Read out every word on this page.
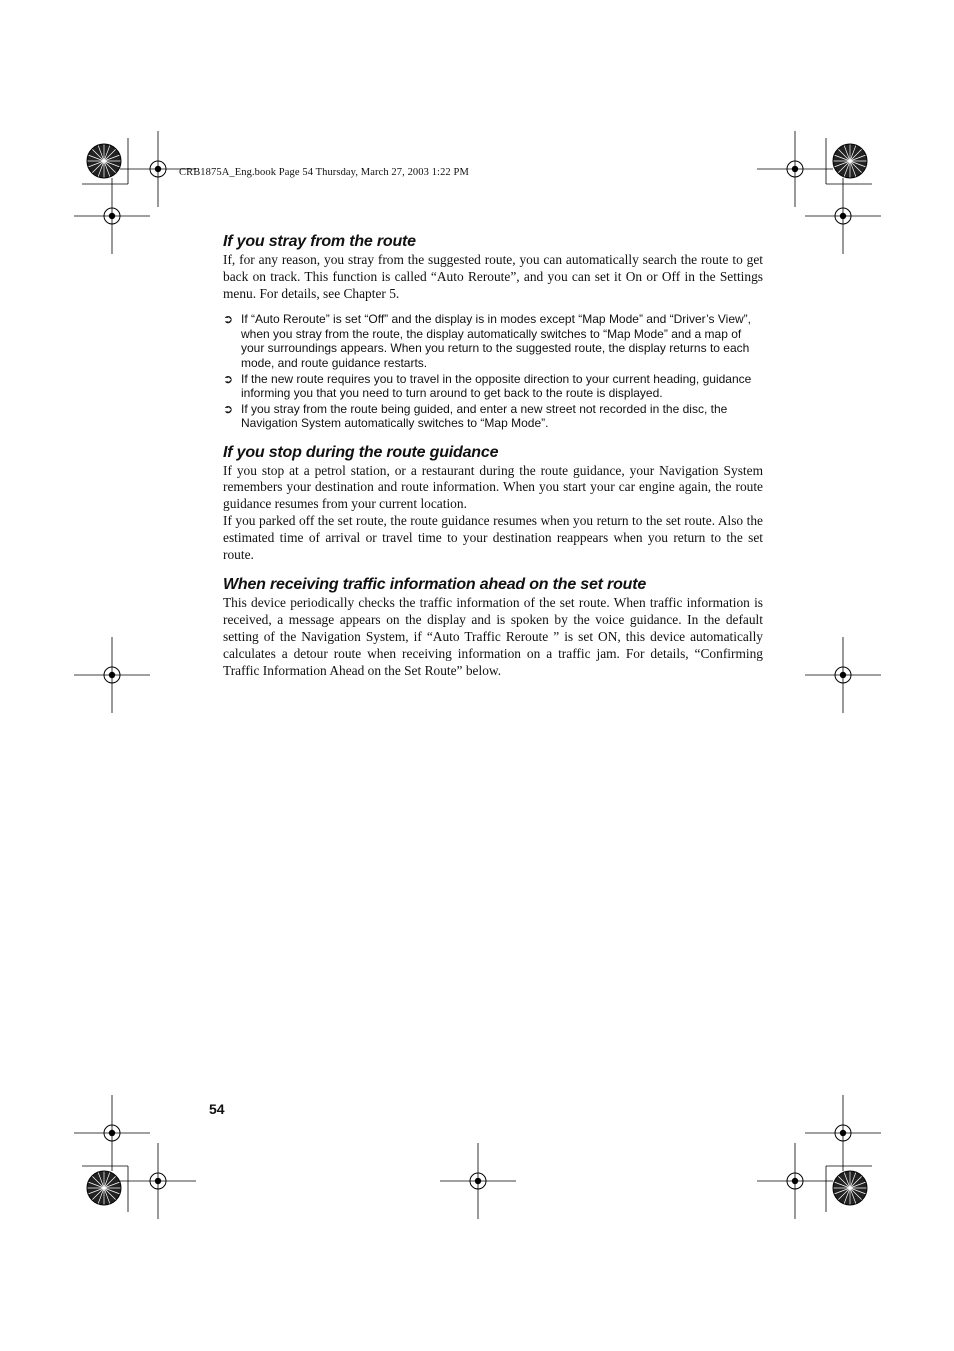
CRB1875A_Eng.book Page 54 Thursday, March 27, 2003 1:22 PM
If you stray from the route

If, for any reason, you stray from the suggested route, you can automatically search the route to get back on track. This function is called “Auto Reroute”, and you can set it On or Off in the Settings menu. For details, see Chapter 5.

➲ If “Auto Reroute” is set “Off” and the display is in modes except “Map Mode” and “Driver’s View”, when you stray from the route, the display automatically switches to “Map Mode” and a map of your surroundings appears. When you return to the suggested route, the display returns to each mode, and route guidance restarts.
➲ If the new route requires you to travel in the opposite direction to your current heading, guidance informing you that you need to turn around to get back to the route is displayed.
➲ If you stray from the route being guided, and enter a new street not recorded in the disc, the Navigation System automatically switches to “Map Mode”.
If you stop during the route guidance

If you stop at a petrol station, or a restaurant during the route guidance, your Navigation System remembers your destination and route information. When you start your car engine again, the route guidance resumes from your current location.

If you parked off the set route, the route guidance resumes when you return to the set route. Also the estimated time of arrival or travel time to your destination reappears when you return to the set route.

When receiving traffic information ahead on the set route

This device periodically checks the traffic information of the set route. When traffic information is received, a message appears on the display and is spoken by the voice guidance. In the default setting of the Navigation System, if “Auto Traffic Reroute ” is set ON, this device automatically calculates a detour route when receiving information on a traffic jam. For details, “Confirming Traffic Information Ahead on the Set Route” below.

54
